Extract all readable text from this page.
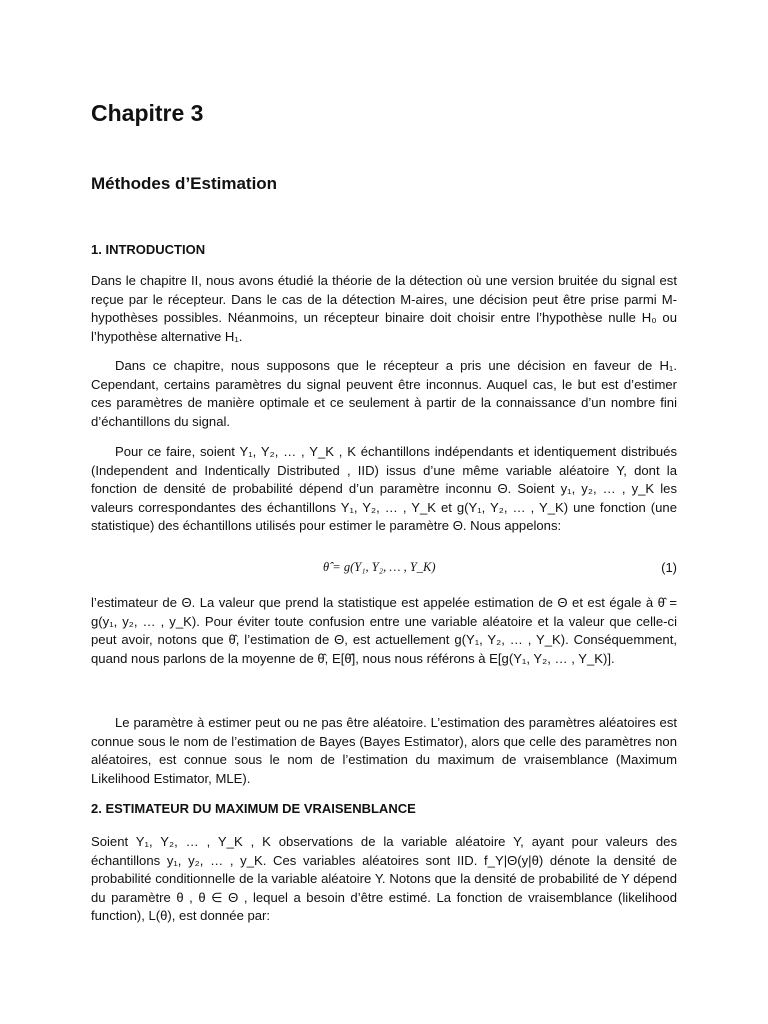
Chapitre 3
Méthodes d’Estimation
1. INTRODUCTION

Dans le chapitre II, nous avons étudié la théorie de la détection où une version bruitée du signal est reçue par le récepteur. Dans le cas de la détection M-aires, une décision peut être prise parmi M-hypothèses possibles. Néanmoins, un récepteur binaire doit choisir entre l’hypothèse nulle H₀ ou l’hypothèse alternative H₁.

Dans ce chapitre, nous supposons que le récepteur a pris une décision en faveur de H₁. Cependant, certains paramètres du signal peuvent être inconnus. Auquel cas, le but est d’estimer ces paramètres de manière optimale et ce seulement à partir de la connaissance d’un nombre fini d’échantillons du signal.

Pour ce faire, soient Y₁, Y₂, … , Y_K , K échantillons indépendants et identiquement distribués (Independent and Indentically Distributed , IID) issus d’une même variable aléatoire Y, dont la fonction de densité de probabilité dépend d’un paramètre inconnu Θ. Soient y₁, y₂, … , y_K les valeurs correspondantes des échantillons Y₁, Y₂, … , Y_K et g(Y₁, Y₂, … , Y_K) une fonction (une statistique) des échantillons utilisés pour estimer le paramètre Θ. Nous appelons:

θ̂ = g(Y₁, Y₂, … , Y_K)	(1)

l’estimateur de Θ. La valeur que prend la statistique est appelée estimation de Θ et est égale à θ̂ = g(y₁, y₂, … , y_K). Pour éviter toute confusion entre une variable aléatoire et la valeur que celle-ci peut avoir, notons que θ̂, l’estimation de Θ, est actuellement g(Y₁, Y₂, … , Y_K). Conséquemment, quand nous parlons de la moyenne de θ̂, E[θ̂], nous nous référons à E[g(Y₁, Y₂, … , Y_K)].

Le paramètre à estimer peut ou ne pas être aléatoire. L’estimation des paramètres aléatoires est connue sous le nom de l’estimation de Bayes (Bayes Estimator), alors que celle des paramètres non aléatoires, est connue sous le nom de l’estimation du maximum de vraisemblance (Maximum Likelihood Estimator, MLE).

2. ESTIMATEUR DU MAXIMUM DE VRAISENBLANCE

Soient Y₁, Y₂, … , Y_K , K observations de la variable aléatoire Y, ayant pour valeurs des échantillons y₁, y₂, … , y_K. Ces variables aléatoires sont IID. f_Y|Θ(y|θ) dénote la densité de probabilité conditionnelle de la variable aléatoire Y. Notons que la densité de probabilité de Y dépend du paramètre θ , θ ∈ Θ , lequel a besoin d’être estimé. La fonction de vraisemblance (likelihood function), L(θ), est donnée par:
